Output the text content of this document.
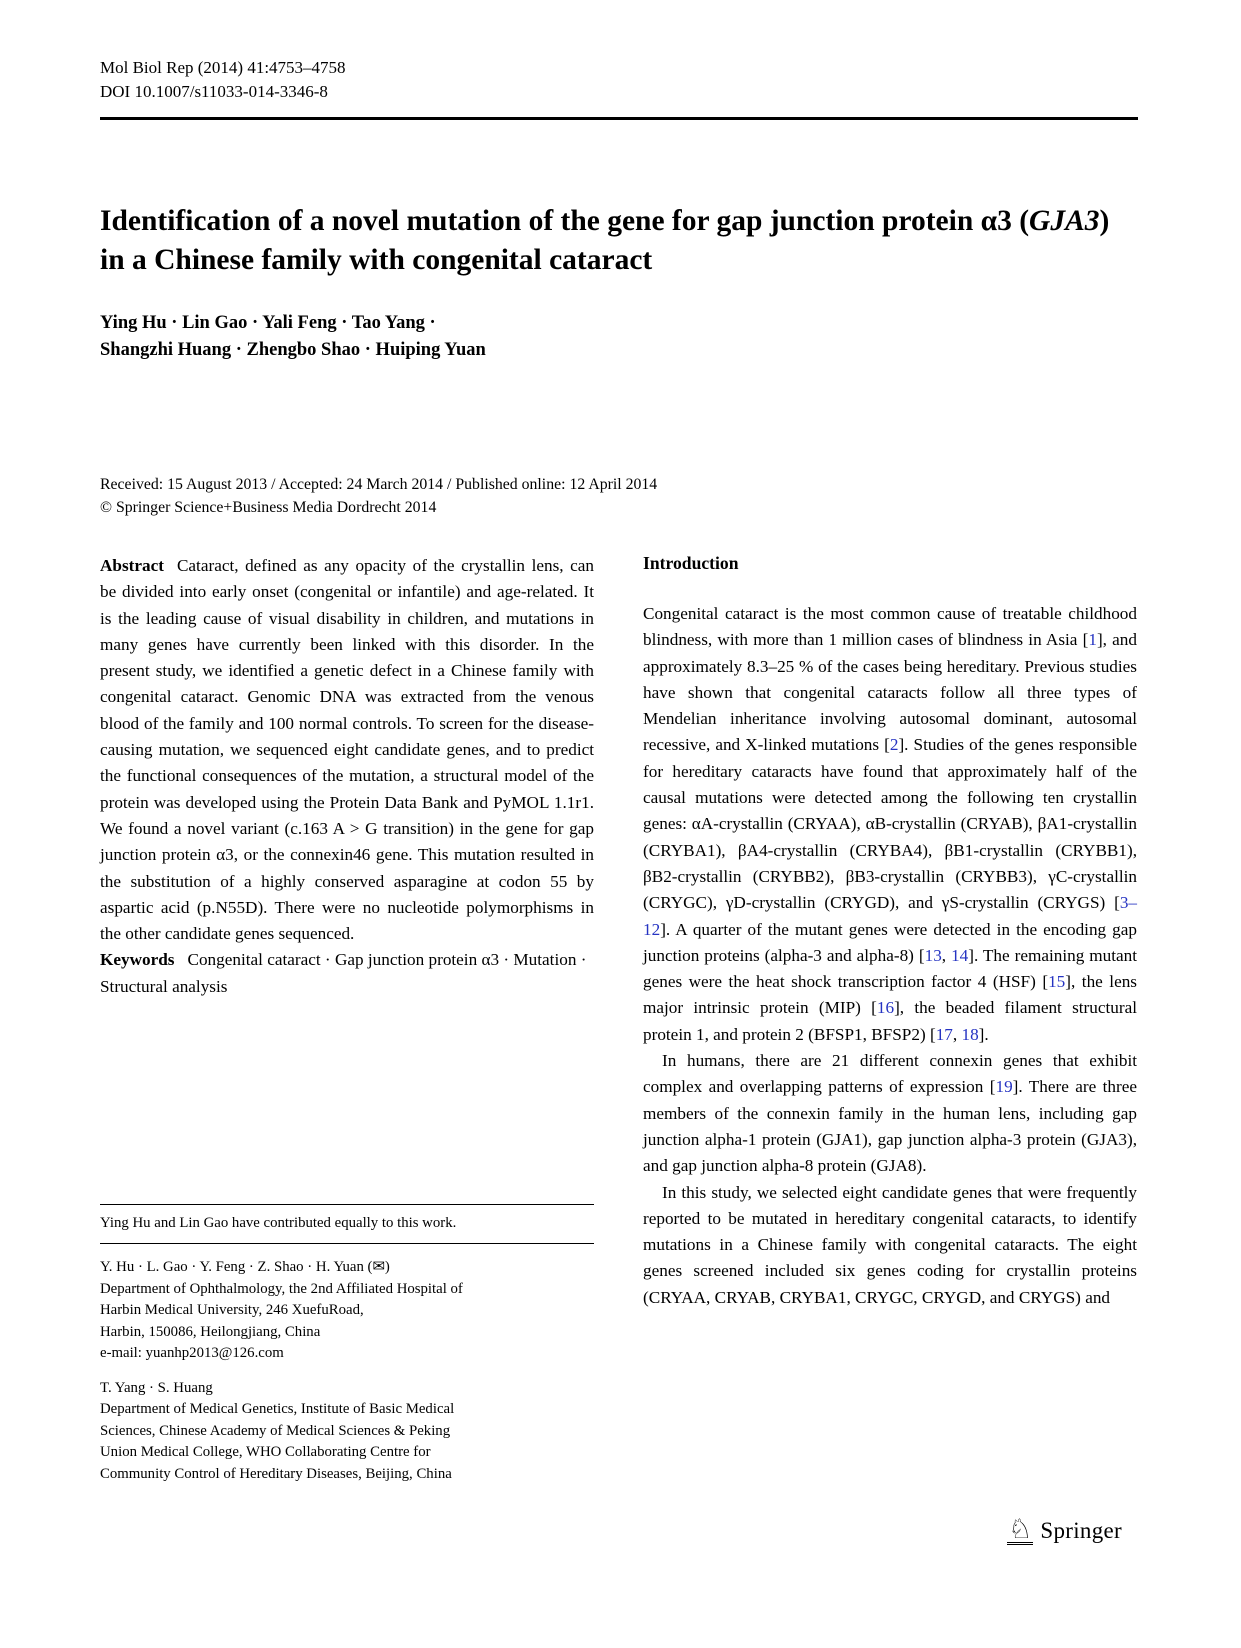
Mol Biol Rep (2014) 41:4753–4758
DOI 10.1007/s11033-014-3346-8
Identification of a novel mutation of the gene for gap junction protein α3 (GJA3) in a Chinese family with congenital cataract
Ying Hu · Lin Gao · Yali Feng · Tao Yang ·
Shangzhi Huang · Zhengbo Shao · Huiping Yuan
Received: 15 August 2013 / Accepted: 24 March 2014 / Published online: 12 April 2014
© Springer Science+Business Media Dordrecht 2014

Abstract Cataract, defined as any opacity of the crystallin lens, can be divided into early onset (congenital or infantile) and age-related. It is the leading cause of visual disability in children, and mutations in many genes have currently been linked with this disorder. In the present study, we identified a genetic defect in a Chinese family with congenital cataract. Genomic DNA was extracted from the venous blood of the family and 100 normal controls. To screen for the disease-causing mutation, we sequenced eight candidate genes, and to predict the functional consequences of the mutation, a structural model of the protein was developed using the Protein Data Bank and PyMOL 1.1r1. We found a novel variant (c.163 A > G transition) in the gene for gap junction protein α3, or the connexin46 gene. This mutation resulted in the substitution of a highly conserved asparagine at codon 55 by aspartic acid (p.N55D). There were no nucleotide polymorphisms in the other candidate genes sequenced.

Keywords Congenital cataract · Gap junction protein α3 · Mutation · Structural analysis

Ying Hu and Lin Gao have contributed equally to this work.
Y. Hu · L. Gao · Y. Feng · Z. Shao · H. Yuan (✉)
Department of Ophthalmology, the 2nd Affiliated Hospital of
Harbin Medical University, 246 XuefuRoad,
Harbin, 150086, Heilongjiang, China
e-mail: yuanhp2013@126.com
T. Yang · S. Huang
Department of Medical Genetics, Institute of Basic Medical
Sciences, Chinese Academy of Medical Sciences & Peking
Union Medical College, WHO Collaborating Centre for
Community Control of Hereditary Diseases, Beijing, China
Introduction

Congenital cataract is the most common cause of treatable childhood blindness, with more than 1 million cases of blindness in Asia [1], and approximately 8.3–25 % of the cases being hereditary. Previous studies have shown that congenital cataracts follow all three types of Mendelian inheritance involving autosomal dominant, autosomal recessive, and X-linked mutations [2]. Studies of the genes responsible for hereditary cataracts have found that approximately half of the causal mutations were detected among the following ten crystallin genes: αA-crystallin (CRYAA), αB-crystallin (CRYAB), βA1-crystallin (CRYBA1), βA4-crystallin (CRYBA4), βB1-crystallin (CRYBB1), βB2-crystallin (CRYBB2), βB3-crystallin (CRYBB3), γC-crystallin (CRYGC), γD-crystallin (CRYGD), and γS-crystallin (CRYGS) [3–12]. A quarter of the mutant genes were detected in the encoding gap junction proteins (alpha-3 and alpha-8) [13, 14]. The remaining mutant genes were the heat shock transcription factor 4 (HSF) [15], the lens major intrinsic protein (MIP) [16], the beaded filament structural protein 1, and protein 2 (BFSP1, BFSP2) [17, 18].

In humans, there are 21 different connexin genes that exhibit complex and overlapping patterns of expression [19]. There are three members of the connexin family in the human lens, including gap junction alpha-1 protein (GJA1), gap junction alpha-3 protein (GJA3), and gap junction alpha-8 protein (GJA8).

In this study, we selected eight candidate genes that were frequently reported to be mutated in hereditary congenital cataracts, to identify mutations in a Chinese family with congenital cataracts. The eight genes screened included six genes coding for crystallin proteins (CRYAA, CRYAB, CRYBA1, CRYGC, CRYGD, and CRYGS) and

♘ Springer
